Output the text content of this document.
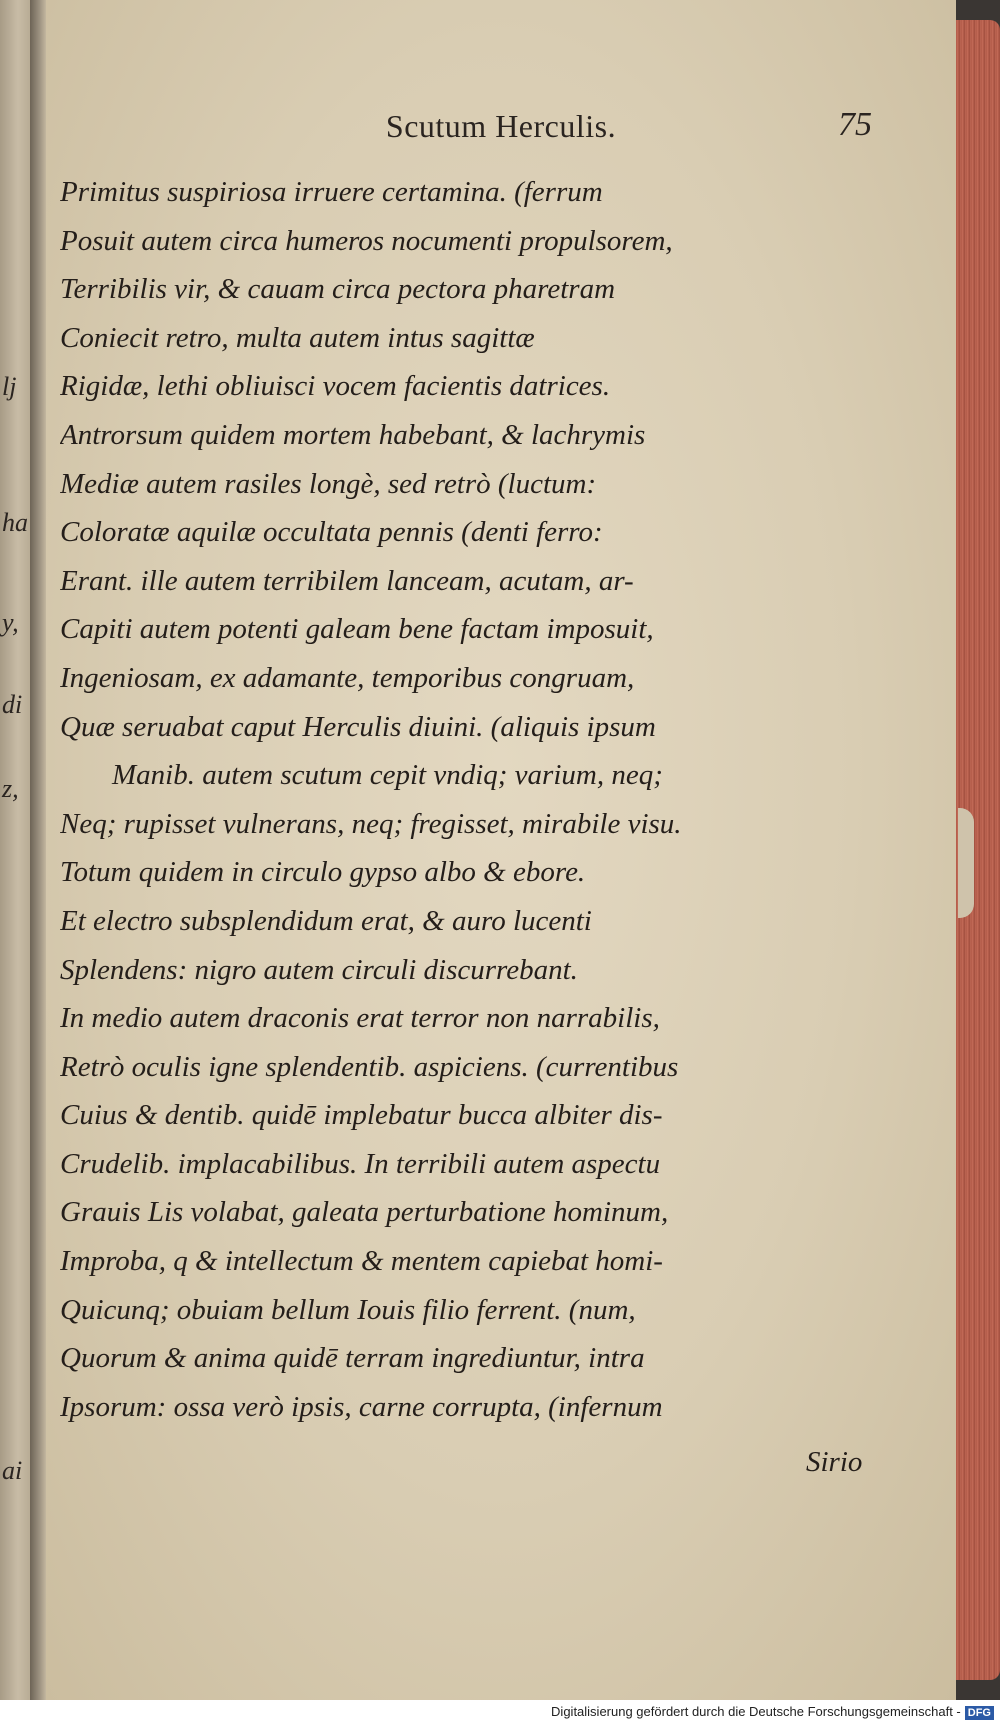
lj
ha
y,
di
z,
ai
Scutum Herculis.	75
Primitus suspiriosa irruere certamina. (ferrum
Posuit autem circa humeros nocumenti propulsorem,
Terribilis vir, & cauam circa pectora pharetram
Coniecit retro, multa autem intus sagittæ
Rigidæ, lethi obliuisci vocem facientis datrices.
Antrorsum quidem mortem habebant, & lachrymis
Mediæ autem rasiles longè, sed retrò (luctum:
Coloratæ aquilæ occultata pennis (denti ferro:
Erant. ille autem terribilem lanceam, acutam, ar-
Capiti autem potenti galeam bene factam imposuit,
Ingeniosam, ex adamante, temporibus congruam,
Quæ seruabat caput Herculis diuini. (aliquis ipsum
Manib. autem scutum cepit vndiq; varium, neq;
Neq; rupisset vulnerans, neq; fregisset, mirabile visu.
Totum quidem in circulo gypso albo & ebore.
Et electro subsplendidum erat, & auro lucenti
Splendens: nigro autem circuli discurrebant.
In medio autem draconis erat terror non narrabilis,
Retrò oculis igne splendentib. aspiciens. (currentibus
Cuius & dentib. quidē implebatur bucca albiter dis-
Crudelib. implacabilibus. In terribili autem aspectu
Grauis Lis volabat, galeata perturbatione hominum,
Improba, q & intellectum & mentem capiebat homi-
Quicunq; obuiam bellum Iouis filio ferrent. (num,
Quorum & anima quidē terram ingrediuntur, intra
Ipsorum: ossa verò ipsis, carne corrupta, (infernum
Sirio
Digitalisierung gefördert durch die Deutsche Forschungsgemeinschaft - DFG
